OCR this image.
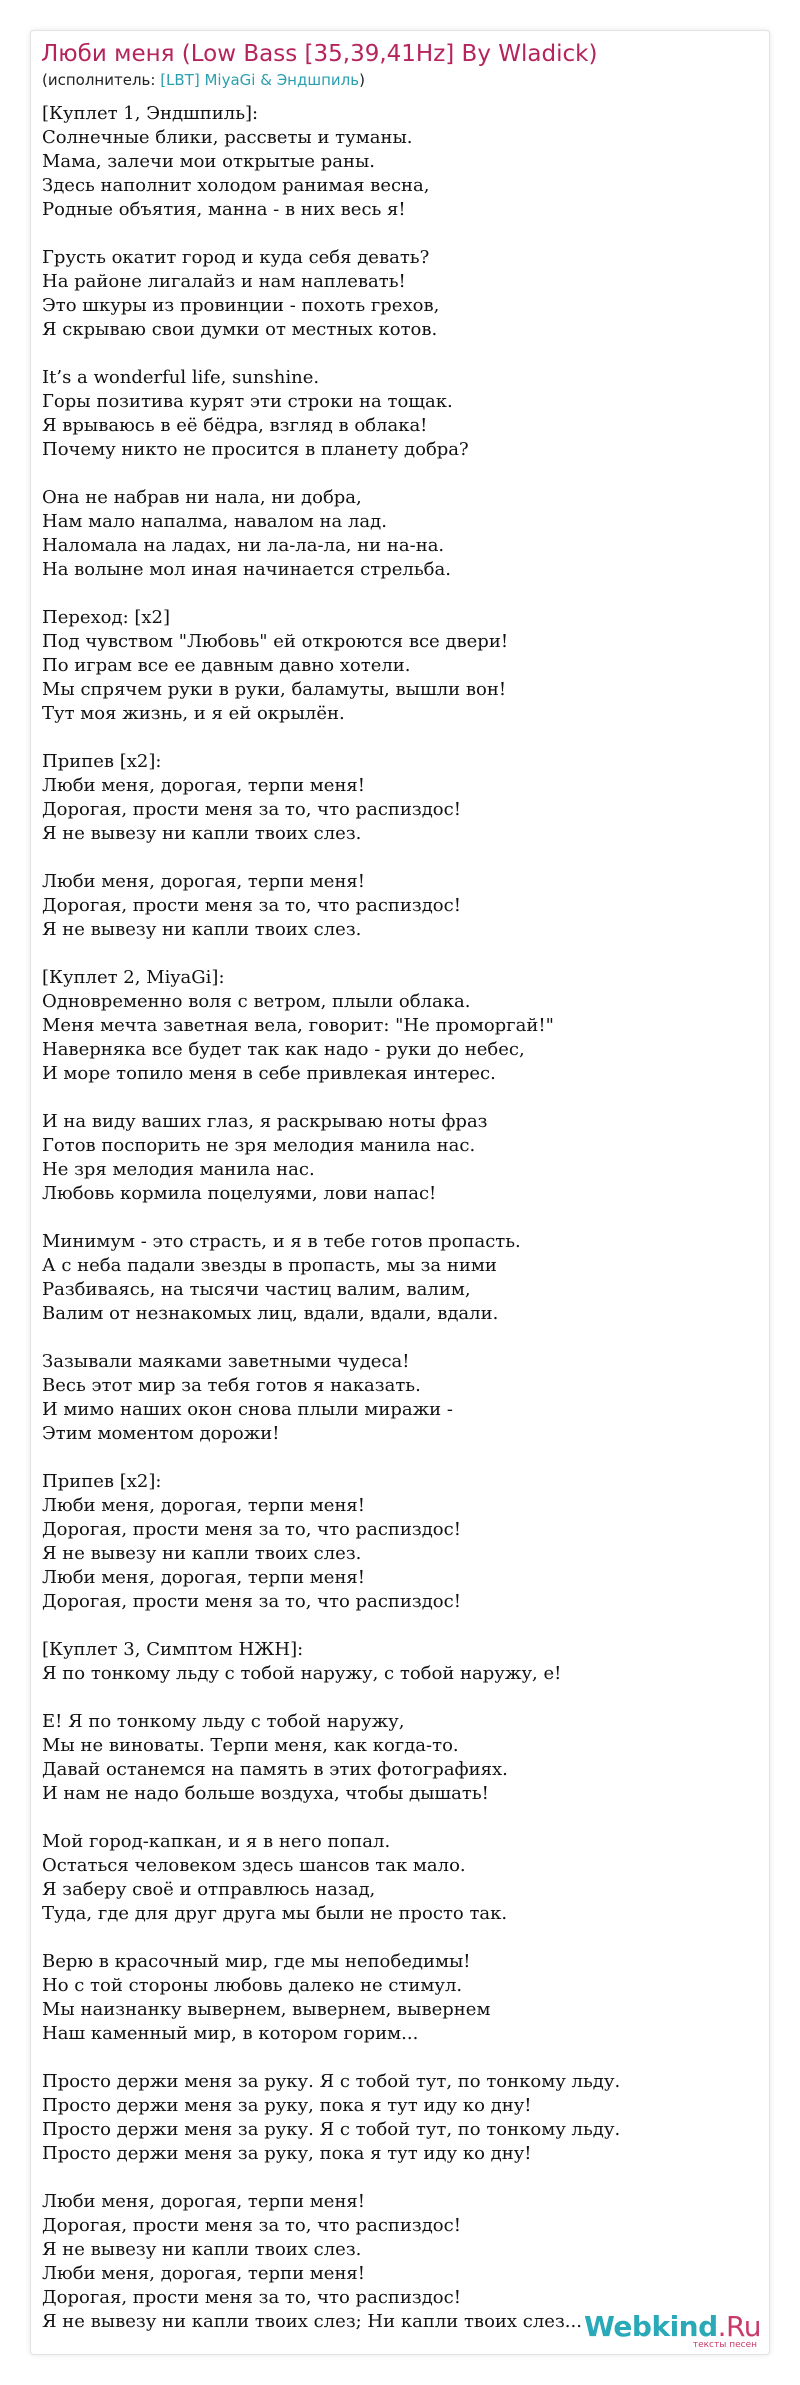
Люби меня (Low Bass [35,39,41Hz] By Wladick)
(исполнитель: [LBT] MiyaGi & Эндшпиль)
[Куплет 1, Эндшпиль]:
Солнечные блики, рассветы и туманы.
Мама, залечи мои открытые раны.
Здесь наполнит холодом ранимая весна,
Родные объятия, манна - в них весь я!
Грусть окатит город и куда себя девать?
На районе лигалайз и нам наплевать!
Это шкуры из провинции - похоть грехов,
Я скрываю свои думки от местных котов.
It’s a wonderful life, sunshine.
Горы позитива курят эти строки на тощак.
Я врываюсь в её бёдра, взгляд в облака!
Почему никто не просится в планету добра?
Она не набрав ни нала, ни добра,
Нам мало напалма, навалом на лад.
Наломала на ладах, ни ла-ла-ла, ни на-на.
На волыне мол иная начинается стрельба.
Переход: [x2]
Под чувством "Любовь" ей откроются все двери!
По играм все ее давным давно хотели.
Мы спрячем руки в руки, баламуты, вышли вон!
Тут моя жизнь, и я ей окрылён.
Припев [x2]:
Люби меня, дорогая, терпи меня!
Дорогая, прости меня за то, что распиздос!
Я не вывезу ни капли твоих слез.
Люби меня, дорогая, терпи меня!
Дорогая, прости меня за то, что распиздос!
Я не вывезу ни капли твоих слез.
[Куплет 2, MiyaGi]:
Одновременно воля с ветром, плыли облака.
Меня мечта заветная вела, говорит: "Не проморгай!"
Наверняка все будет так как надо - руки до небес,
И море топило меня в себе привлекая интерес.
И на виду ваших глаз, я раскрываю ноты фраз
Готов поспорить не зря мелодия манила нас.
Не зря мелодия манила нас.
Любовь кормила поцелуями, лови напас!
Минимум - это страсть, и я в тебе готов пропасть.
А с неба падали звезды в пропасть, мы за ними
Разбиваясь, на тысячи частиц валим, валим,
Валим от незнакомых лиц, вдали, вдали, вдали.
Зазывали маяками заветными чудеса!
Весь этот мир за тебя готов я наказать.
И мимо наших окон снова плыли миражи -
Этим моментом дорожи!
Припев [x2]:
Люби меня, дорогая, терпи меня!
Дорогая, прости меня за то, что распиздос!
Я не вывезу ни капли твоих слез.
Люби меня, дорогая, терпи меня!
Дорогая, прости меня за то, что распиздос!
[Куплет 3, Симптом НЖН]:
Я по тонкому льду с тобой наружу, с тобой наружу, е!
Е! Я по тонкому льду с тобой наружу,
Мы не виноваты. Терпи меня, как когда-то.
Давай останемся на память в этих фотографиях.
И нам не надо больше воздуха, чтобы дышать!
Мой город-капкан, и я в него попал.
Остаться человеком здесь шансов так мало.
Я заберу своё и отправлюсь назад,
Туда, где для друг друга мы были не просто так.
Верю в красочный мир, где мы непобедимы!
Но с той стороны любовь далеко не стимул.
Мы наизнанку вывернем, вывернем, вывернем
Наш каменный мир, в котором горим...
Просто держи меня за руку. Я с тобой тут, по тонкому льду.
Просто держи меня за руку, пока я тут иду ко дну!
Просто держи меня за руку. Я с тобой тут, по тонкому льду.
Просто держи меня за руку, пока я тут иду ко дну!
Люби меня, дорогая, терпи меня!
Дорогая, прости меня за то, что распиздос!
Я не вывезу ни капли твоих слез.
Люби меня, дорогая, терпи меня!
Дорогая, прости меня за то, что распиздос!
Я не вывезу ни капли твоих слез; Ни капли твоих слез... Webkind.Ru
тексты песен
